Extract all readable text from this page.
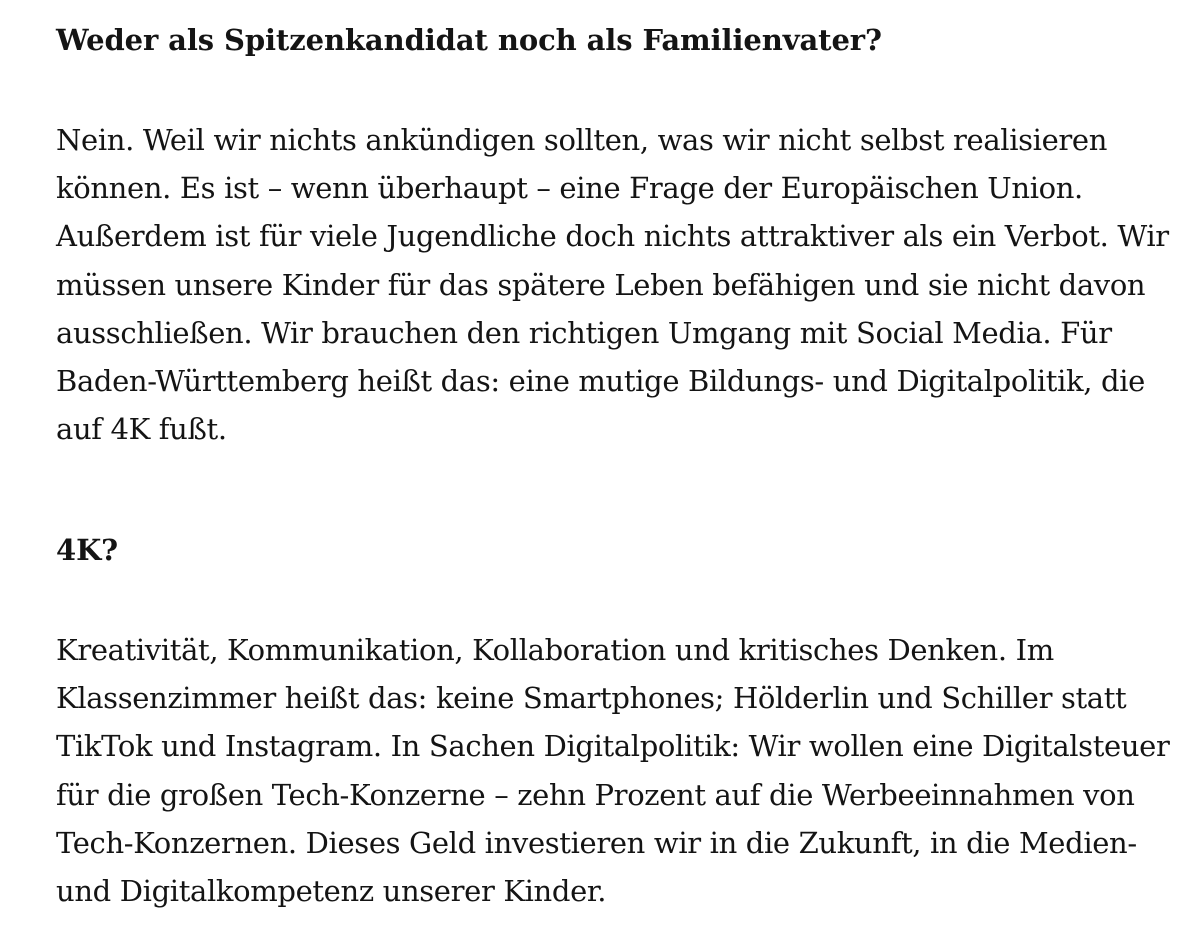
Weder als Spitzenkandidat noch als Familienvater?
Nein. Weil wir nichts ankündigen sollten, was wir nicht selbst realisieren
können. Es ist – wenn überhaupt – eine Frage der Europäischen Union.
Außerdem ist für viele Jugendliche doch nichts attraktiver als ein Verbot. Wir
müssen unsere Kinder für das spätere Leben befähigen und sie nicht davon
ausschließen. Wir brauchen den richtigen Umgang mit Social Media. Für
Baden-Württemberg heißt das: eine mutige Bildungs- und Digitalpolitik, die
auf 4K fußt.
4K?
Kreativität, Kommunikation, Kollaboration und kritisches Denken. Im
Klassenzimmer heißt das: keine Smartphones; Hölderlin und Schiller statt
TikTok und Instagram. In Sachen Digitalpolitik: Wir wollen eine Digitalsteuer
für die großen Tech-Konzerne – zehn Prozent auf die Werbeeinnahmen von
Tech-Konzernen. Dieses Geld investieren wir in die Zukunft, in die Medien-
und Digitalkompetenz unserer Kinder.
